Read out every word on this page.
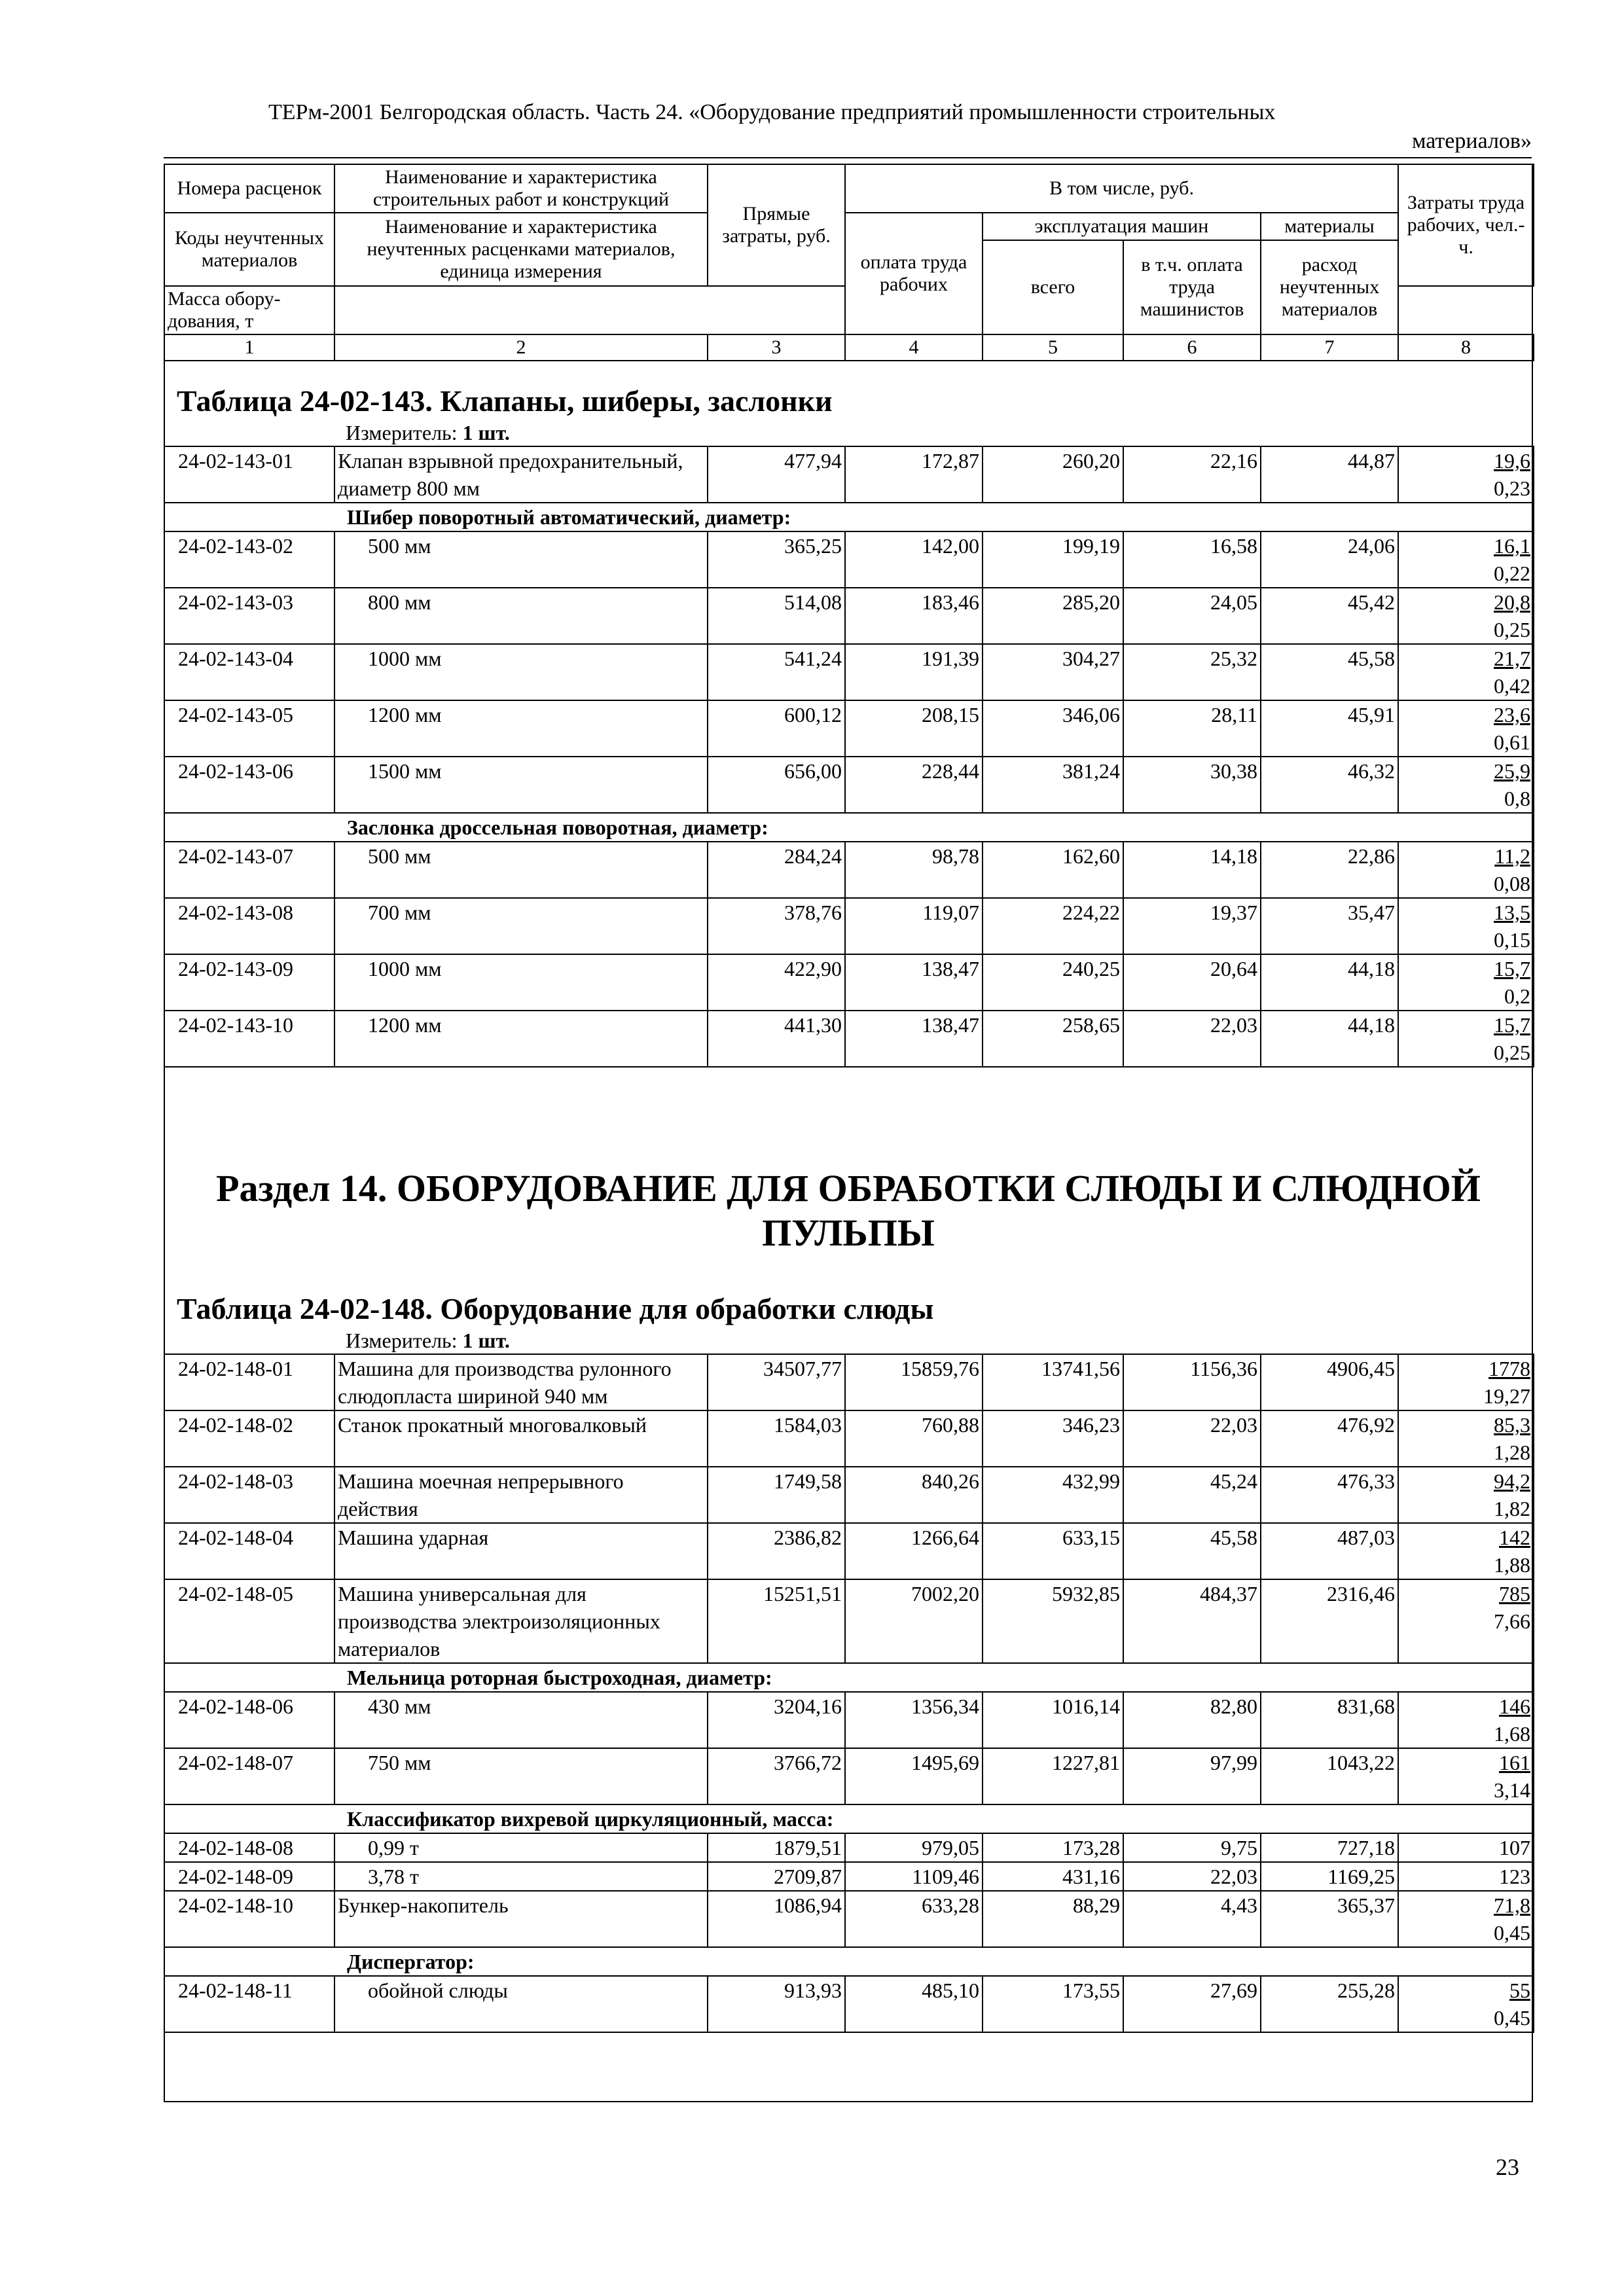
ТЕРм-2001 Белгородская область. Часть 24. «Оборудование предприятий промышленности строительных
материалов»
Номера расценок	Наименование и характеристика строительных работ и конструкций	Прямые затраты, руб.	В том числе, руб.				Затраты труда рабочих, чел.-ч.
Коды неучтенных материалов	Наименование и характеристика неучтенных расценками материалов, единица измерения		оплата труда рабочих	эксплуатация машин		материалы	
				всего	в т.ч. оплата труда машинистов	расход неучтенных материалов	
Масса обору-дования, т							
1	2	3	4	5	6	7	8
Таблица 24-02-143. Клапаны, шиберы, заслонки
Измеритель: 1 шт.
24-02-143-01	Клапан взрывной предохранительный, диаметр 800 мм	477,94	172,87	260,20	22,16	44,87	19,6
0,23

Шибер поворотный автоматический, диаметр:							
24-02-143-02	500 мм	365,25	142,00	199,19	16,58	24,06	16,1
0,22

24-02-143-03	800 мм	514,08	183,46	285,20	24,05	45,42	20,8
0,25

24-02-143-04	1000 мм	541,24	191,39	304,27	25,32	45,58	21,7
0,42

24-02-143-05	1200 мм	600,12	208,15	346,06	28,11	45,91	23,6
0,61

24-02-143-06	1500 мм	656,00	228,44	381,24	30,38	46,32	25,9
0,8

Заслонка дроссельная поворотная, диаметр:							
24-02-143-07	500 мм	284,24	98,78	162,60	14,18	22,86	11,2
0,08

24-02-143-08	700 мм	378,76	119,07	224,22	19,37	35,47	13,5
0,15

24-02-143-09	1000 мм	422,90	138,47	240,25	20,64	44,18	15,7
0,2

24-02-143-10	1200 мм	441,30	138,47	258,65	22,03	44,18	15,7
0,25
Раздел 14. ОБОРУДОВАНИЕ ДЛЯ ОБРАБОТКИ СЛЮДЫ И СЛЮДНОЙ
ПУЛЬПЫ
Таблица 24-02-148. Оборудование для обработки слюды
Измеритель: 1 шт.
24-02-148-01	Машина для производства рулонного слюдопласта шириной 940 мм	34507,77	15859,76	13741,56	1156,36	4906,45	1778
19,27

24-02-148-02	Станок прокатный многовалковый	1584,03	760,88	346,23	22,03	476,92	85,3
1,28

24-02-148-03	Машина моечная непрерывного действия	1749,58	840,26	432,99	45,24	476,33	94,2
1,82

24-02-148-04	Машина ударная	2386,82	1266,64	633,15	45,58	487,03	142
1,88

24-02-148-05	Машина универсальная для производства электроизоляционных материалов	15251,51	7002,20	5932,85	484,37	2316,46	785
7,66

Мельница роторная быстроходная, диаметр:							
24-02-148-06	430 мм	3204,16	1356,34	1016,14	82,80	831,68	146
1,68

24-02-148-07	750 мм	3766,72	1495,69	1227,81	97,99	1043,22	161
3,14

Классификатор вихревой циркуляционный, масса:							
24-02-148-08	0,99 т	1879,51	979,05	173,28	9,75	727,18	107
24-02-148-09	3,78 т	2709,87	1109,46	431,16	22,03	1169,25	123
24-02-148-10	Бункер-накопитель	1086,94	633,28	88,29	4,43	365,37	71,8
0,45

Диспергатор:							
24-02-148-11	обойной слюды	913,93	485,10	173,55	27,69	255,28	55
0,45
23
